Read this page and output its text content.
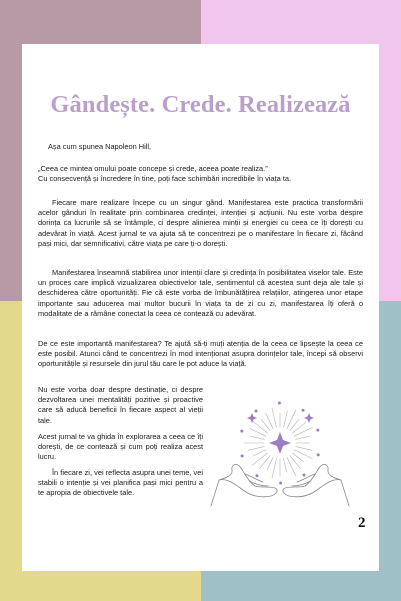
Gândește. Crede. Realizează
Așa cum spunea Napoleon Hill,
„Ceea ce mintea omului poate concepe și crede, aceea poate realiza.”
Cu consecvență și încredere în tine, poți face schimbări incredibile în viața ta.
Fiecare mare realizare începe cu un singur gând. Manifestarea este practica transformării acelor gânduri în realitate prin combinarea credinței, intenției și acțiunii. Nu este vorba despre dorința ca lucrurile să se întâmple, ci despre alinierea minții și energiei cu ceea ce îți dorești cu adevărat în viață. Acest jurnal te va ajuta să te concentrezi pe o manifestare în fiecare zi, făcând pași mici, dar semnificativi, către viața pe care ți-o dorești.
Manifestarea înseamnă stabilirea unor intenții clare și credința în posibilitatea viselor tale. Este un proces care implică vizualizarea obiectivelor tale, sentimentul că acestea sunt deja ale tale și deschiderea către oportunități. Fie că este vorba de îmbunătățirea relațiilor, atingerea unor etape importante sau aducerea mai multor bucurii în viața ta de zi cu zi, manifestarea îți oferă o modalitate de a rămâne conectat la ceea ce contează cu adevărat.
De ce este importantă manifestarea? Te ajută să-ți muți atenția de la ceea ce lipsește la ceea ce este posibil. Atunci când te concentrezi în mod intenționat asupra dorințelor tale, începi să observi oportunitățile și resursele din jurul tău care le pot aduce la viață.
Nu este vorba doar despre destinație, ci despre dezvoltarea unei mentalități pozitive și proactive care să aducă beneficii în fiecare aspect al vieții tale.
Acest jurnal te va ghida în explorarea a ceea ce îți dorești, de ce contează și cum poți realiza acest lucru.
În fiecare zi, vei reflecta asupra unei teme, vei stabili o intenție și vei planifica pași mici pentru a te apropia de obiectivele tale.
2
